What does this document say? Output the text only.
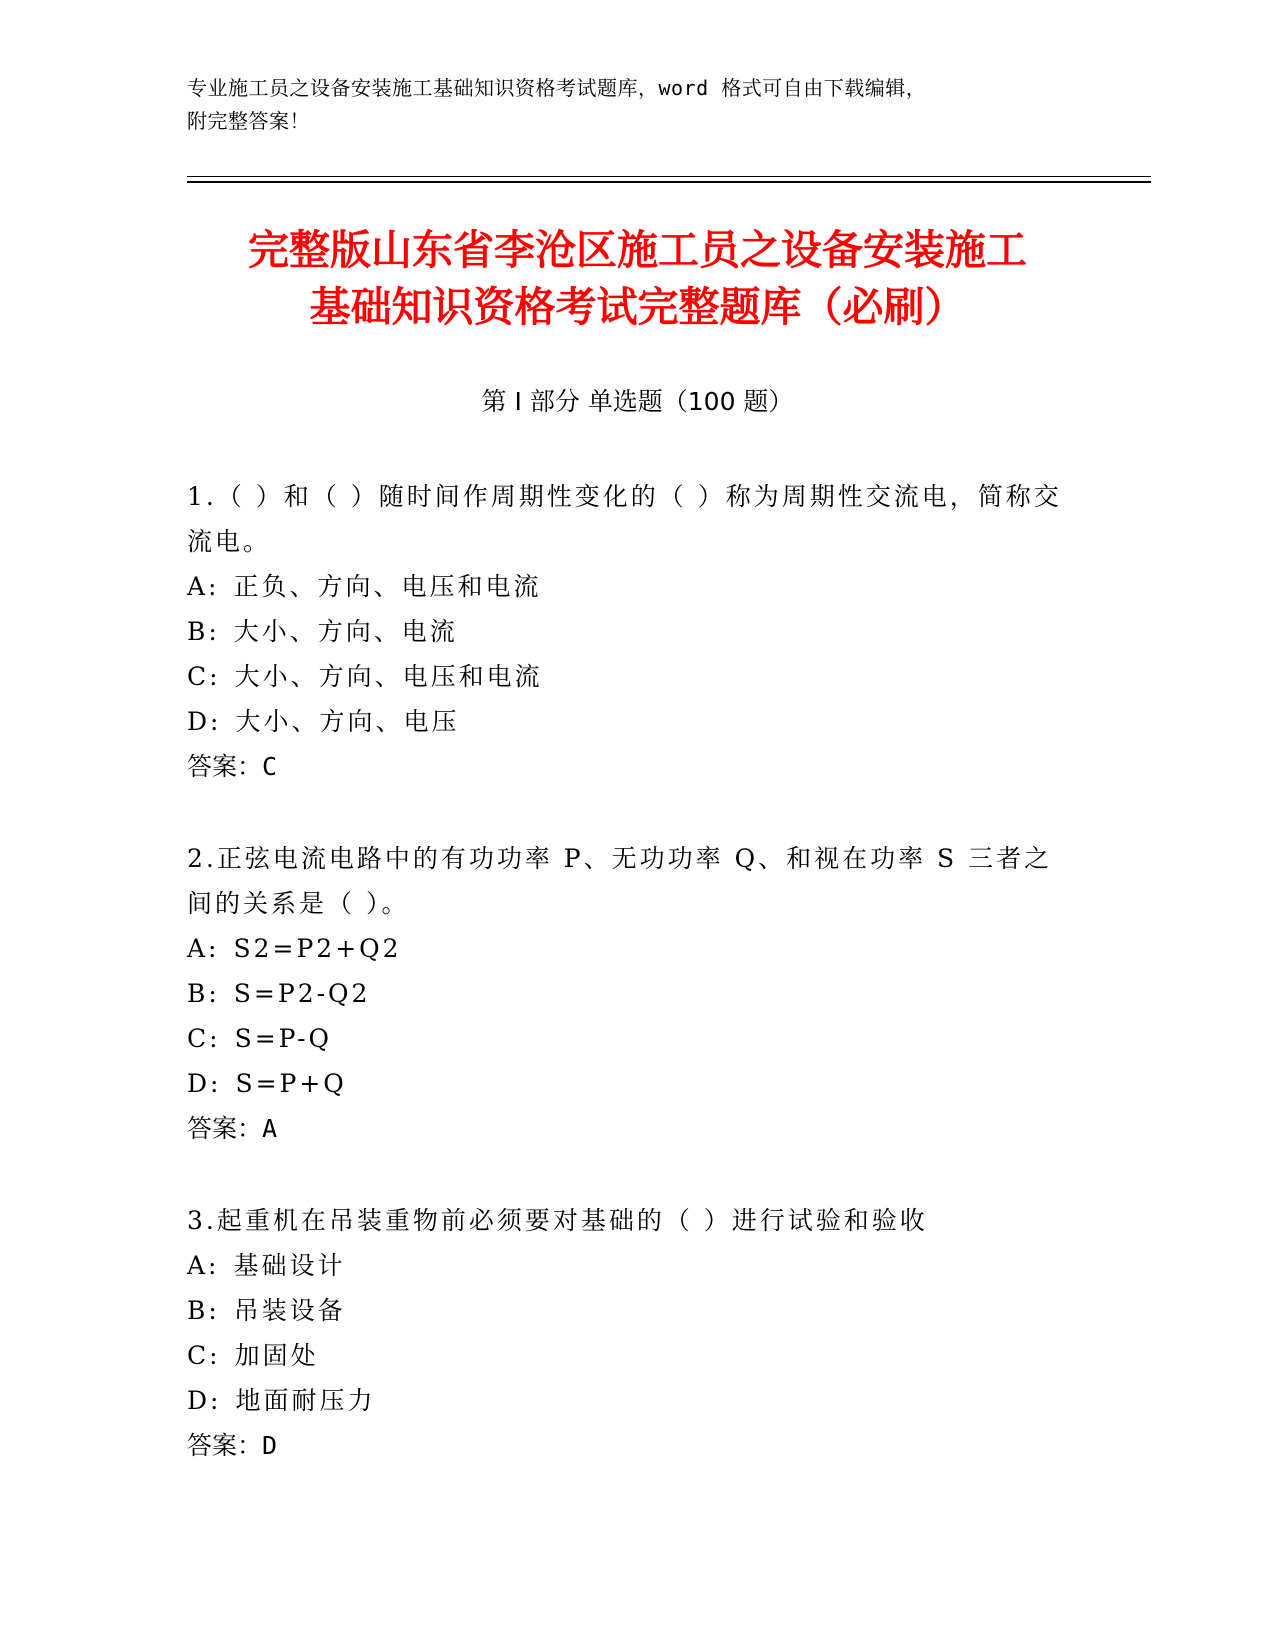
专业施工员之设备安装施工基础知识资格考试题库，word 格式可自由下载编辑，
附完整答案！
完整版山东省李沧区施工员之设备安装施工
基础知识资格考试完整题库（必刷）
第 I 部分 单选题（100 题）

1.（ ）和（ ）随时间作周期性变化的（ ）称为周期性交流电，简称交流电。

A: 正负、方向、电压和电流

B: 大小、方向、电流

C: 大小、方向、电压和电流

D: 大小、方向、电压

答案：C

2.正弦电流电路中的有功功率 P、无功功率 Q、和视在功率 S 三者之间的关系是（ ）。

A: S2=P2+Q2

B: S=P2-Q2

C: S=P-Q

D: S=P+Q

答案：A

3.起重机在吊装重物前必须要对基础的（ ）进行试验和验收

A: 基础设计

B: 吊装设备

C: 加固处

D: 地面耐压力

答案：D
